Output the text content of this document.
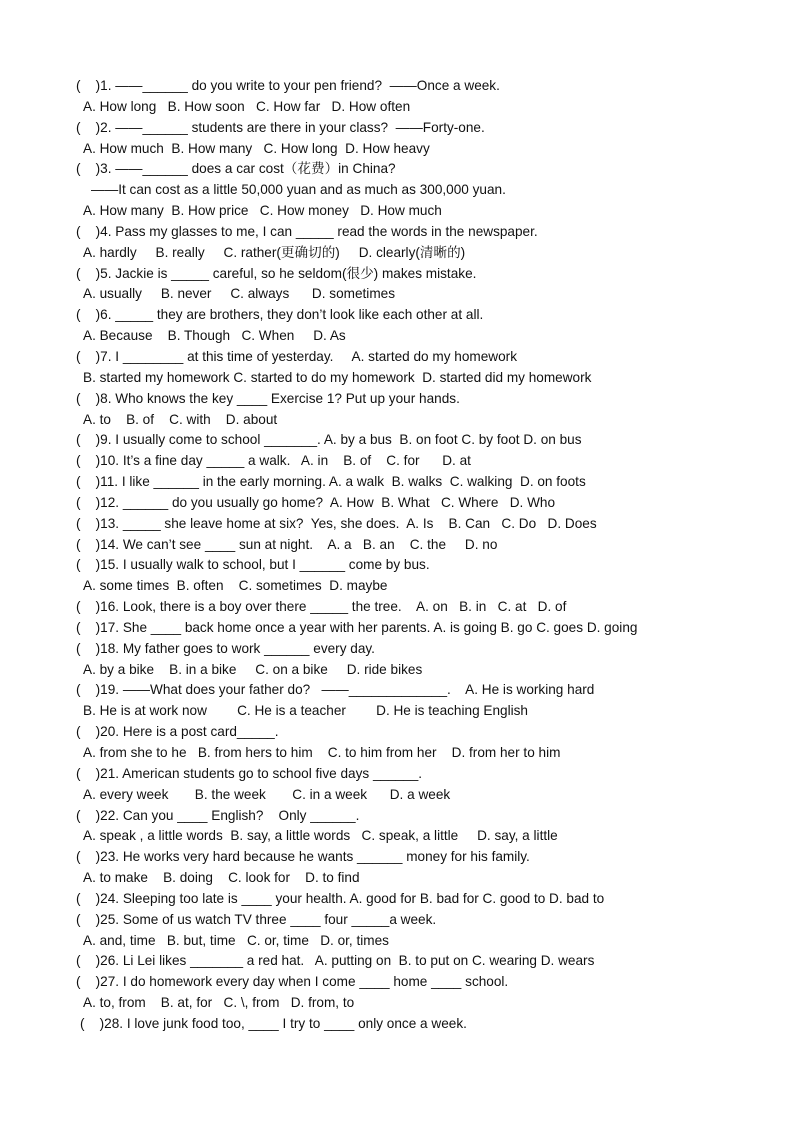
(    )1. ——______ do you write to your pen friend?  ——Once a week.
A. How long   B. How soon   C. How far   D. How often
(    )2. ——______ students are there in your class?  ——Forty-one.
A. How much  B. How many   C. How long  D. How heavy
(    )3. ——______ does a car cost（花费）in China?
——It can cost as a little 50,000 yuan and as much as 300,000 yuan.
A. How many  B. How price   C. How money   D. How much
(    )4. Pass my glasses to me, I can _____ read the words in the newspaper.
A. hardly     B. really     C. rather(更确切的)     D. clearly(清晰的)
(    )5. Jackie is _____ careful, so he seldom(很少) makes mistake.
A. usually     B. never     C. always      D. sometimes
(    )6. _____ they are brothers, they don’t look like each other at all.
A. Because    B. Though   C. When     D. As
(    )7. I ________ at this time of yesterday.     A. started do my homework
B. started my homework C. started to do my homework  D. started did my homework
(    )8. Who knows the key ____ Exercise 1? Put up your hands.
A. to    B. of    C. with    D. about
(    )9. I usually come to school _______. A. by a bus  B. on foot C. by foot D. on bus
(    )10. It’s a fine day _____ a walk.   A. in    B. of    C. for      D. at
(    )11. I like ______ in the early morning. A. a walk  B. walks  C. walking  D. on foots
(    )12. ______ do you usually go home?  A. How  B. What   C. Where   D. Who
(    )13. _____ she leave home at six?  Yes, she does.  A. Is    B. Can   C. Do   D. Does
(    )14. We can’t see ____ sun at night.    A. a   B. an    C. the     D. no
(    )15. I usually walk to school, but I ______ come by bus.
A. some times  B. often    C. sometimes  D. maybe
(    )16. Look, there is a boy over there _____ the tree.    A. on   B. in   C. at   D. of
(    )17. She ____ back home once a year with her parents. A. is going B. go C. goes D. going
(    )18. My father goes to work ______ every day.
A. by a bike    B. in a bike     C. on a bike     D. ride bikes
(    )19. ——What does your father do?   ——_____________.    A. He is working hard
B. He is at work now        C. He is a teacher        D. He is teaching English
(    )20. Here is a post card_____.
A. from she to he   B. from hers to him    C. to him from her    D. from her to him
(    )21. American students go to school five days ______.
A. every week       B. the week       C. in a week      D. a week
(    )22. Can you ____ English?    Only ______.
A. speak , a little words  B. say, a little words   C. speak, a little     D. say, a little
(    )23. He works very hard because he wants ______ money for his family.
A. to make    B. doing    C. look for    D. to find
(    )24. Sleeping too late is ____ your health. A. good for B. bad for C. good to D. bad to
(    )25. Some of us watch TV three ____ four _____a week.
A. and, time   B. but, time   C. or, time   D. or, times
(    )26. Li Lei likes _______ a red hat.   A. putting on  B. to put on C. wearing D. wears
(    )27. I do homework every day when I come ____ home ____ school.
A. to, from    B. at, for   C. \, from   D. from, to
(    )28. I love junk food too, ____ I try to ____ only once a week.
